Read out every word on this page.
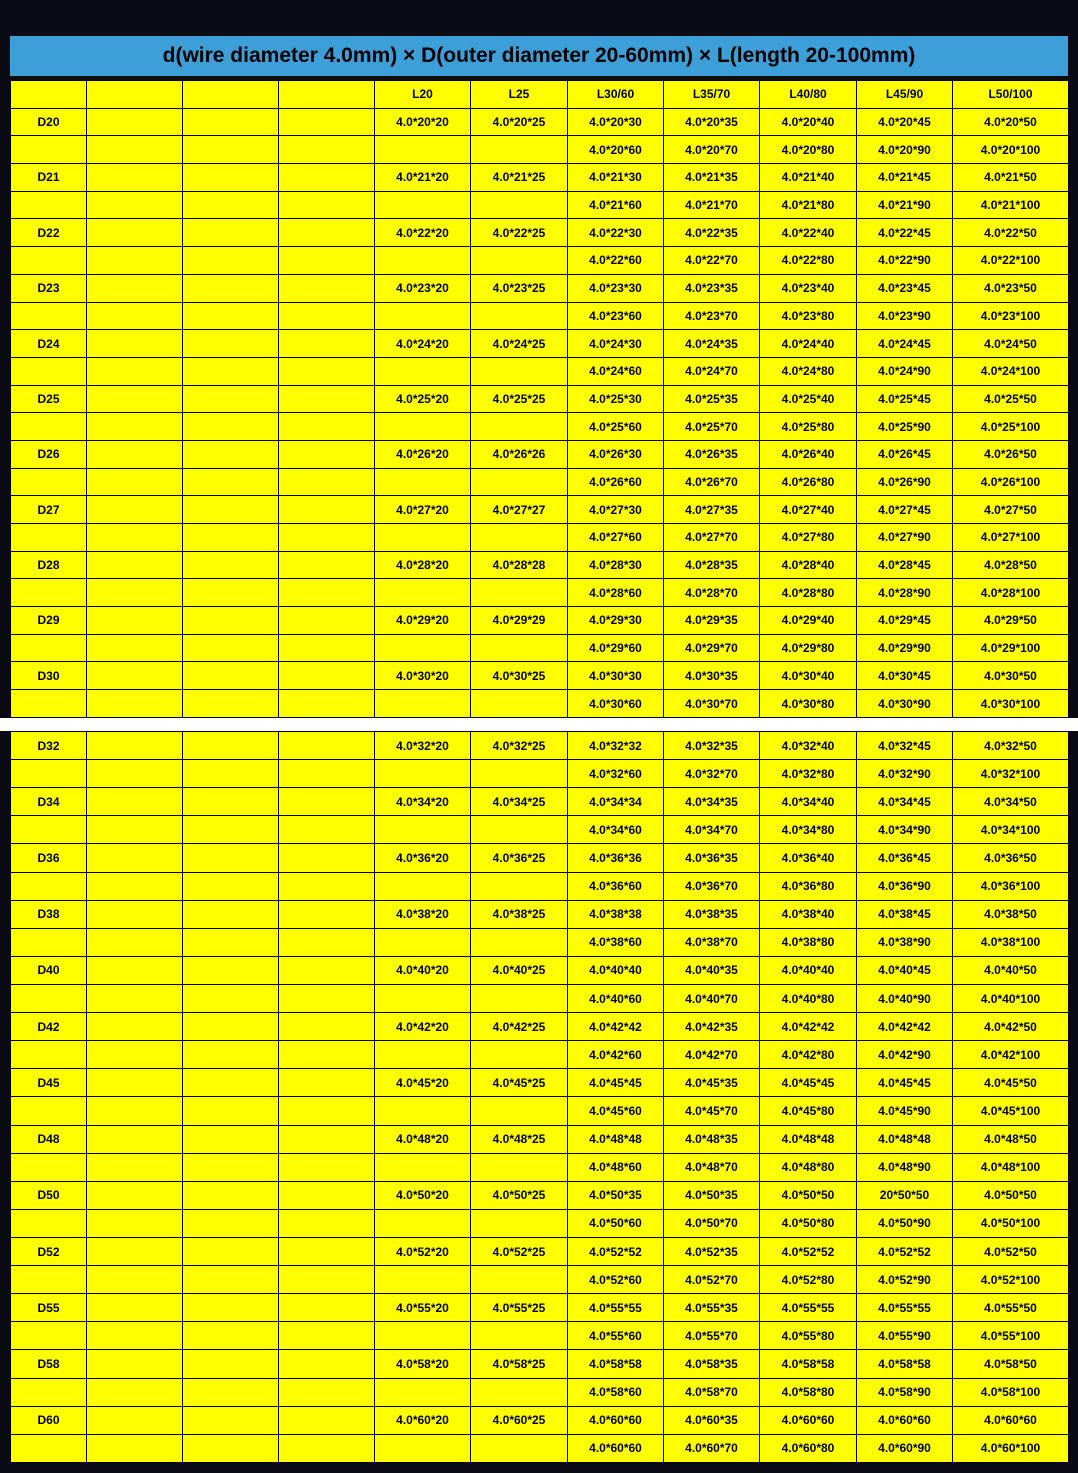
d(wire diameter 4.0mm) × D(outer diameter 20-60mm) × L(length 20-100mm)
				L20	L25	L30/60	L35/70	L40/80	L45/90	L50/100
D20				4.0*20*20	4.0*20*25	4.0*20*30	4.0*20*35	4.0*20*40	4.0*20*45	4.0*20*50
						4.0*20*60	4.0*20*70	4.0*20*80	4.0*20*90	4.0*20*100
D21				4.0*21*20	4.0*21*25	4.0*21*30	4.0*21*35	4.0*21*40	4.0*21*45	4.0*21*50
						4.0*21*60	4.0*21*70	4.0*21*80	4.0*21*90	4.0*21*100
D22				4.0*22*20	4.0*22*25	4.0*22*30	4.0*22*35	4.0*22*40	4.0*22*45	4.0*22*50
						4.0*22*60	4.0*22*70	4.0*22*80	4.0*22*90	4.0*22*100
D23				4.0*23*20	4.0*23*25	4.0*23*30	4.0*23*35	4.0*23*40	4.0*23*45	4.0*23*50
						4.0*23*60	4.0*23*70	4.0*23*80	4.0*23*90	4.0*23*100
D24				4.0*24*20	4.0*24*25	4.0*24*30	4.0*24*35	4.0*24*40	4.0*24*45	4.0*24*50
						4.0*24*60	4.0*24*70	4.0*24*80	4.0*24*90	4.0*24*100
D25				4.0*25*20	4.0*25*25	4.0*25*30	4.0*25*35	4.0*25*40	4.0*25*45	4.0*25*50
						4.0*25*60	4.0*25*70	4.0*25*80	4.0*25*90	4.0*25*100
D26				4.0*26*20	4.0*26*26	4.0*26*30	4.0*26*35	4.0*26*40	4.0*26*45	4.0*26*50
						4.0*26*60	4.0*26*70	4.0*26*80	4.0*26*90	4.0*26*100
D27				4.0*27*20	4.0*27*27	4.0*27*30	4.0*27*35	4.0*27*40	4.0*27*45	4.0*27*50
						4.0*27*60	4.0*27*70	4.0*27*80	4.0*27*90	4.0*27*100
D28				4.0*28*20	4.0*28*28	4.0*28*30	4.0*28*35	4.0*28*40	4.0*28*45	4.0*28*50
						4.0*28*60	4.0*28*70	4.0*28*80	4.0*28*90	4.0*28*100
D29				4.0*29*20	4.0*29*29	4.0*29*30	4.0*29*35	4.0*29*40	4.0*29*45	4.0*29*50
						4.0*29*60	4.0*29*70	4.0*29*80	4.0*29*90	4.0*29*100
D30				4.0*30*20	4.0*30*25	4.0*30*30	4.0*30*35	4.0*30*40	4.0*30*45	4.0*30*50
						4.0*30*60	4.0*30*70	4.0*30*80	4.0*30*90	4.0*30*100
D32				4.0*32*20	4.0*32*25	4.0*32*32	4.0*32*35	4.0*32*40	4.0*32*45	4.0*32*50
						4.0*32*60	4.0*32*70	4.0*32*80	4.0*32*90	4.0*32*100
D34				4.0*34*20	4.0*34*25	4.0*34*34	4.0*34*35	4.0*34*40	4.0*34*45	4.0*34*50
						4.0*34*60	4.0*34*70	4.0*34*80	4.0*34*90	4.0*34*100
D36				4.0*36*20	4.0*36*25	4.0*36*36	4.0*36*35	4.0*36*40	4.0*36*45	4.0*36*50
						4.0*36*60	4.0*36*70	4.0*36*80	4.0*36*90	4.0*36*100
D38				4.0*38*20	4.0*38*25	4.0*38*38	4.0*38*35	4.0*38*40	4.0*38*45	4.0*38*50
						4.0*38*60	4.0*38*70	4.0*38*80	4.0*38*90	4.0*38*100
D40				4.0*40*20	4.0*40*25	4.0*40*40	4.0*40*35	4.0*40*40	4.0*40*45	4.0*40*50
						4.0*40*60	4.0*40*70	4.0*40*80	4.0*40*90	4.0*40*100
D42				4.0*42*20	4.0*42*25	4.0*42*42	4.0*42*35	4.0*42*42	4.0*42*42	4.0*42*50
						4.0*42*60	4.0*42*70	4.0*42*80	4.0*42*90	4.0*42*100
D45				4.0*45*20	4.0*45*25	4.0*45*45	4.0*45*35	4.0*45*45	4.0*45*45	4.0*45*50
						4.0*45*60	4.0*45*70	4.0*45*80	4.0*45*90	4.0*45*100
D48				4.0*48*20	4.0*48*25	4.0*48*48	4.0*48*35	4.0*48*48	4.0*48*48	4.0*48*50
						4.0*48*60	4.0*48*70	4.0*48*80	4.0*48*90	4.0*48*100
D50				4.0*50*20	4.0*50*25	4.0*50*35	4.0*50*35	4.0*50*50	20*50*50	4.0*50*50
						4.0*50*60	4.0*50*70	4.0*50*80	4.0*50*90	4.0*50*100
D52				4.0*52*20	4.0*52*25	4.0*52*52	4.0*52*35	4.0*52*52	4.0*52*52	4.0*52*50
						4.0*52*60	4.0*52*70	4.0*52*80	4.0*52*90	4.0*52*100
D55				4.0*55*20	4.0*55*25	4.0*55*55	4.0*55*35	4.0*55*55	4.0*55*55	4.0*55*50
						4.0*55*60	4.0*55*70	4.0*55*80	4.0*55*90	4.0*55*100
D58				4.0*58*20	4.0*58*25	4.0*58*58	4.0*58*35	4.0*58*58	4.0*58*58	4.0*58*50
						4.0*58*60	4.0*58*70	4.0*58*80	4.0*58*90	4.0*58*100
D60				4.0*60*20	4.0*60*25	4.0*60*60	4.0*60*35	4.0*60*60	4.0*60*60	4.0*60*60
						4.0*60*60	4.0*60*70	4.0*60*80	4.0*60*90	4.0*60*100
